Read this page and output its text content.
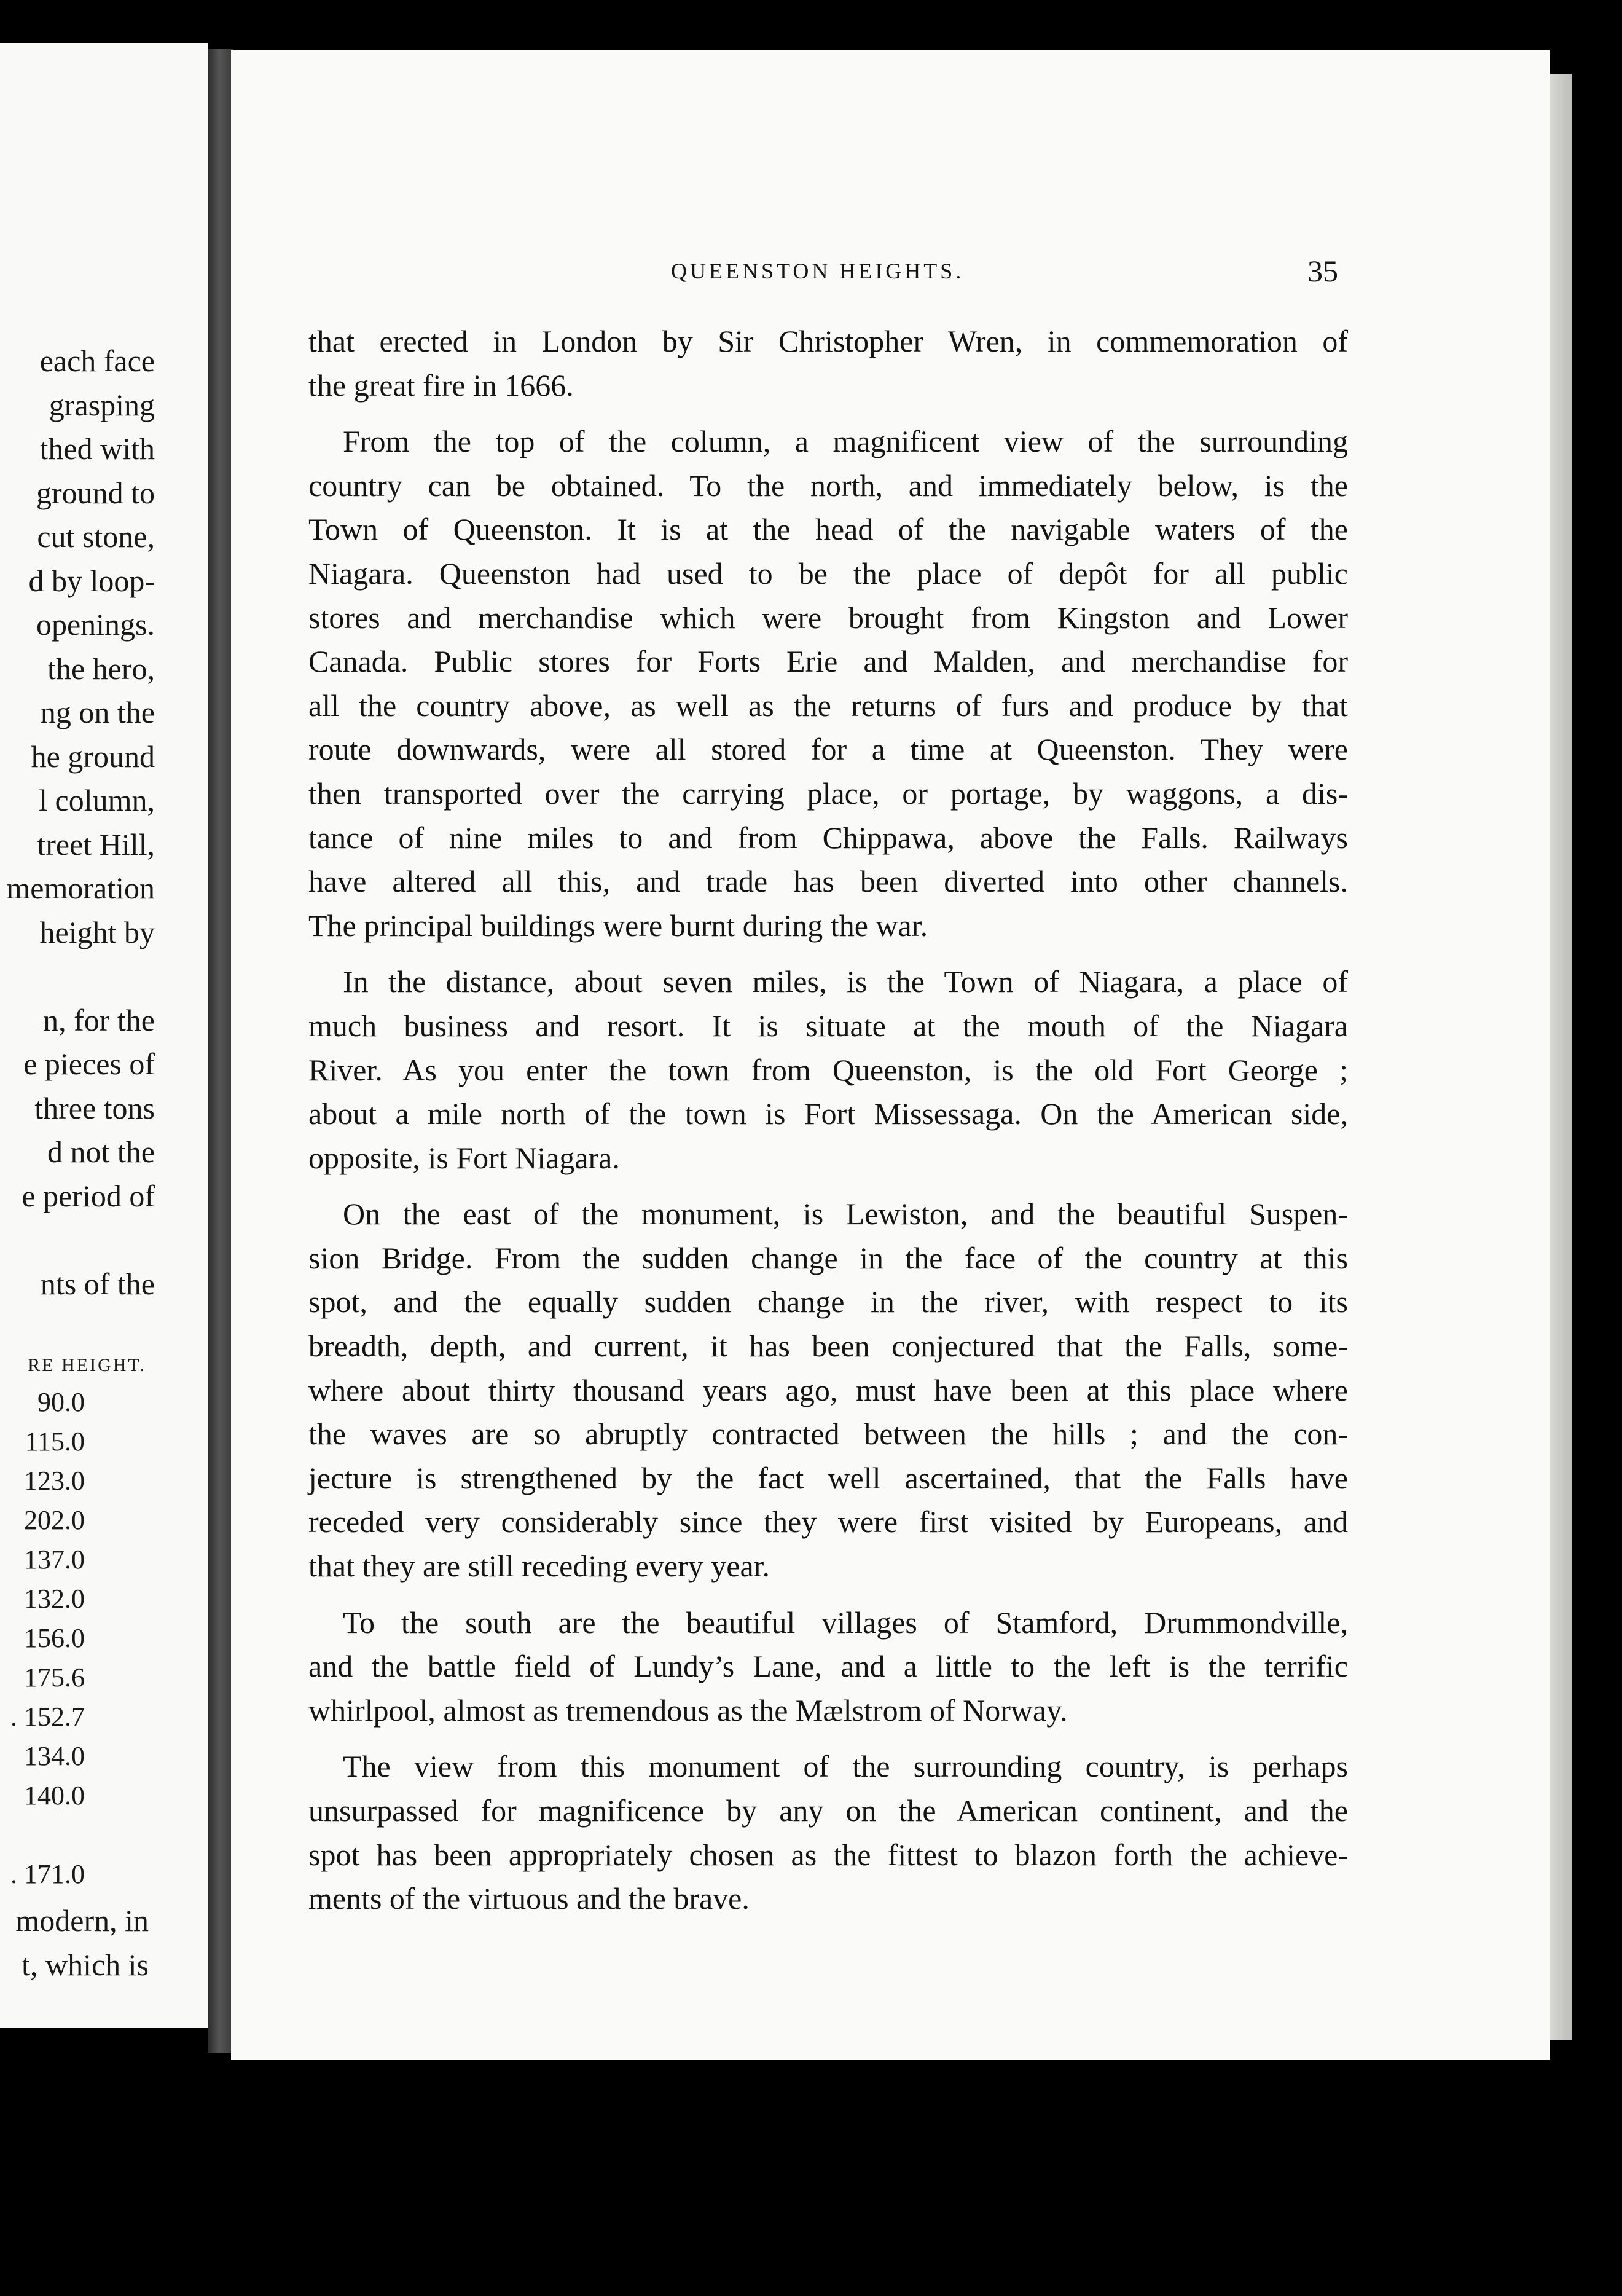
each face
grasping
thed with
ground to
cut stone,
d by loop-
openings.
the hero,
ng on the
he ground
l column,
treet Hill,
memoration
height by
n, for the
e pieces of
three tons
d not the
e period of
nts of the
RE HEIGHT.
90.0
115.0
123.0
202.0
137.0
132.0
156.0
175.6
. 152.7
134.0
140.0
. 171.0
modern, in
t, which is
QUEENSTON HEIGHTS.	35

that erected in London by Sir Christopher Wren, in commemoration of
the great fire in 1666.

From the top of the column, a magnificent view of the surrounding
country can be obtained. To the north, and immediately below, is the
Town of Queenston. It is at the head of the navigable waters of the
Niagara. Queenston had used to be the place of depôt for all public
stores and merchandise which were brought from Kingston and Lower
Canada. Public stores for Forts Erie and Malden, and merchandise for
all the country above, as well as the returns of furs and produce by that
route downwards, were all stored for a time at Queenston. They were
then transported over the carrying place, or portage, by waggons, a dis-
tance of nine miles to and from Chippawa, above the Falls. Railways
have altered all this, and trade has been diverted into other channels.
The principal buildings were burnt during the war.

In the distance, about seven miles, is the Town of Niagara, a place of
much business and resort. It is situate at the mouth of the Niagara
River. As you enter the town from Queenston, is the old Fort George ;
about a mile north of the town is Fort Missessaga. On the American side,
opposite, is Fort Niagara.

On the east of the monument, is Lewiston, and the beautiful Suspen-
sion Bridge. From the sudden change in the face of the country at this
spot, and the equally sudden change in the river, with respect to its
breadth, depth, and current, it has been conjectured that the Falls, some-
where about thirty thousand years ago, must have been at this place where
the waves are so abruptly contracted between the hills ; and the con-
jecture is strengthened by the fact well ascertained, that the Falls have
receded very considerably since they were first visited by Europeans, and
that they are still receding every year.

To the south are the beautiful villages of Stamford, Drummondville,
and the battle field of Lundy’s Lane, and a little to the left is the terrific
whirlpool, almost as tremendous as the Mælstrom of Norway.

The view from this monument of the surrounding country, is perhaps
unsurpassed for magnificence by any on the American continent, and the
spot has been appropriately chosen as the fittest to blazon forth the achieve-
ments of the virtuous and the brave.
